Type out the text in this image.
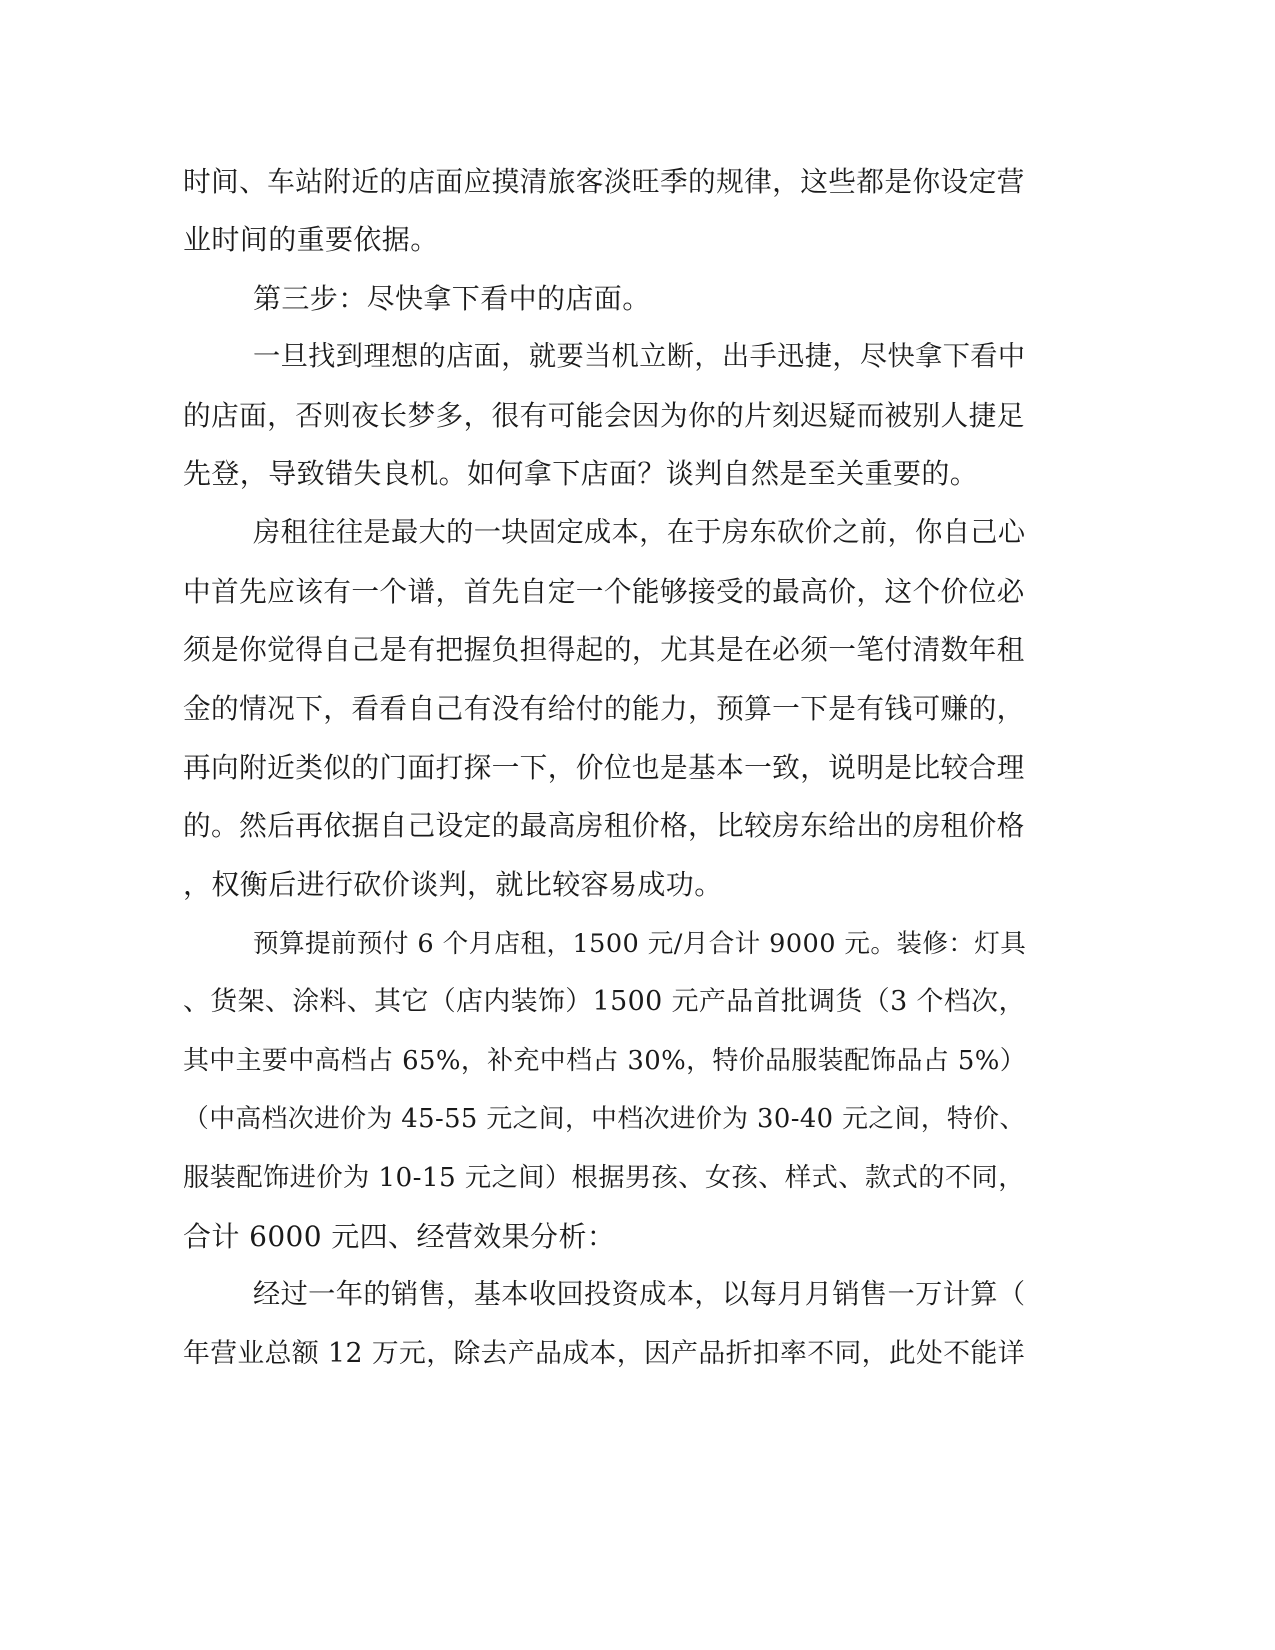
时间、车站附近的店面应摸清旅客淡旺季的规律，这些都是你设定营
业时间的重要依据。
第三步：尽快拿下看中的店面。
一旦找到理想的店面，就要当机立断，出手迅捷，尽快拿下看中
的店面，否则夜长梦多，很有可能会因为你的片刻迟疑而被别人捷足
先登，导致错失良机。如何拿下店面？谈判自然是至关重要的。
房租往往是最大的一块固定成本，在于房东砍价之前，你自己心
中首先应该有一个谱，首先自定一个能够接受的最高价，这个价位必
须是你觉得自己是有把握负担得起的，尤其是在必须一笔付清数年租
金的情况下，看看自己有没有给付的能力，预算一下是有钱可赚的，
再向附近类似的门面打探一下，价位也是基本一致，说明是比较合理
的。然后再依据自己设定的最高房租价格，比较房东给出的房租价格
，权衡后进行砍价谈判，就比较容易成功。
预算提前预付 6 个月店租，1500 元/月合计 9000 元。装修：灯具
、货架、涂料、其它（店内装饰）1500 元产品首批调货（3 个档次，
其中主要中高档占 65%，补充中档占 30%，特价品服装配饰品占 5%）
（中高档次进价为 45-55 元之间，中档次进价为 30-40 元之间，特价、
服装配饰进价为 10-15 元之间）根据男孩、女孩、样式、款式的不同，
合计 6000 元四、经营效果分析：
经过一年的销售，基本收回投资成本，以每月月销售一万计算（
年营业总额 12 万元，除去产品成本，因产品折扣率不同，此处不能详
